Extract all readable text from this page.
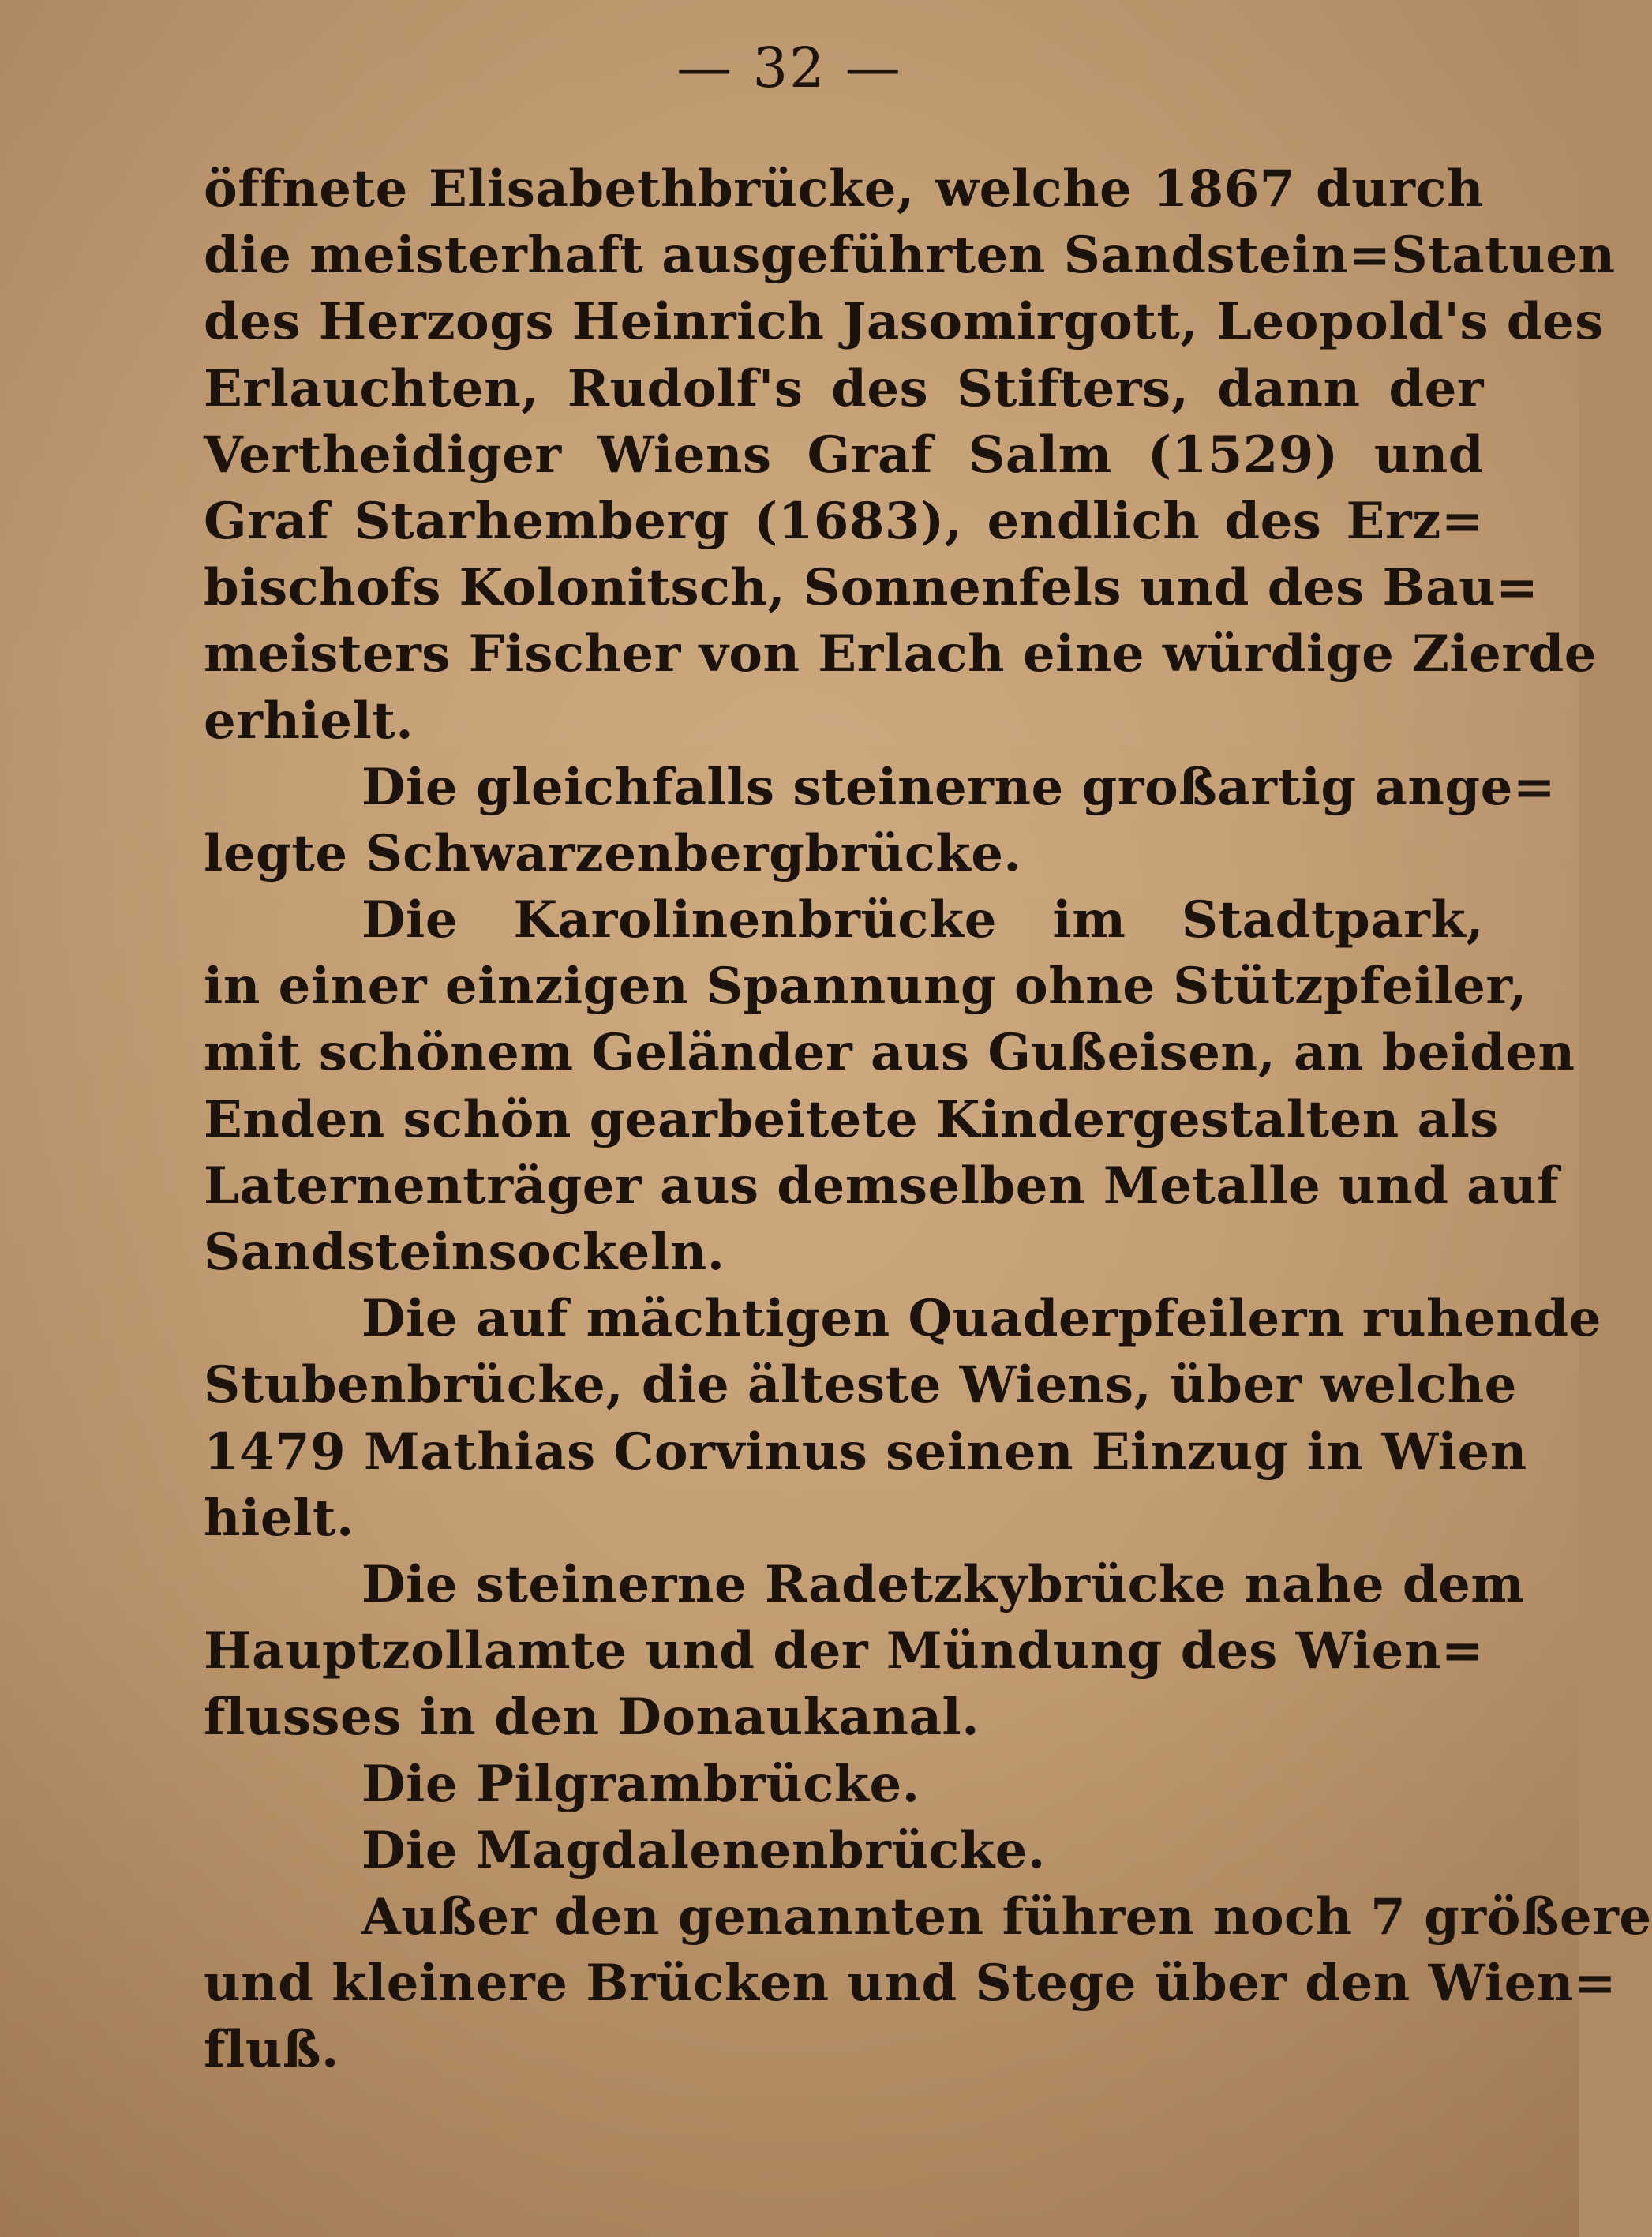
— 32 —
öffnete Elisabethbrücke, welche 1867 durch
die meisterhaft ausgeführten Sandstein=Statuen
des Herzogs Heinrich Jasomirgott, Leopold's des
Erlauchten, Rudolf's des Stifters, dann der
Vertheidiger Wiens Graf Salm (1529) und
Graf Starhemberg (1683), endlich des Erz=
bischofs Kolonitsch, Sonnenfels und des Bau=
meisters Fischer von Erlach eine würdige Zierde
erhielt.
Die gleichfalls steinerne großartig ange=
legte Schwarzenbergbrücke.
Die Karolinenbrücke im Stadtpark,
in einer einzigen Spannung ohne Stützpfeiler,
mit schönem Geländer aus Gußeisen, an beiden
Enden schön gearbeitete Kindergestalten als
Laternenträger aus demselben Metalle und auf
Sandsteinsockeln.
Die auf mächtigen Quaderpfeilern ruhende
Stubenbrücke, die älteste Wiens, über welche
1479 Mathias Corvinus seinen Einzug in Wien
hielt.
Die steinerne Radetzkybrücke nahe dem
Hauptzollamte und der Mündung des Wien=
flusses in den Donaukanal.
Die Pilgrambrücke.
Die Magdalenenbrücke.
Außer den genannten führen noch 7 größere
und kleinere Brücken und Stege über den Wien=
fluß.
